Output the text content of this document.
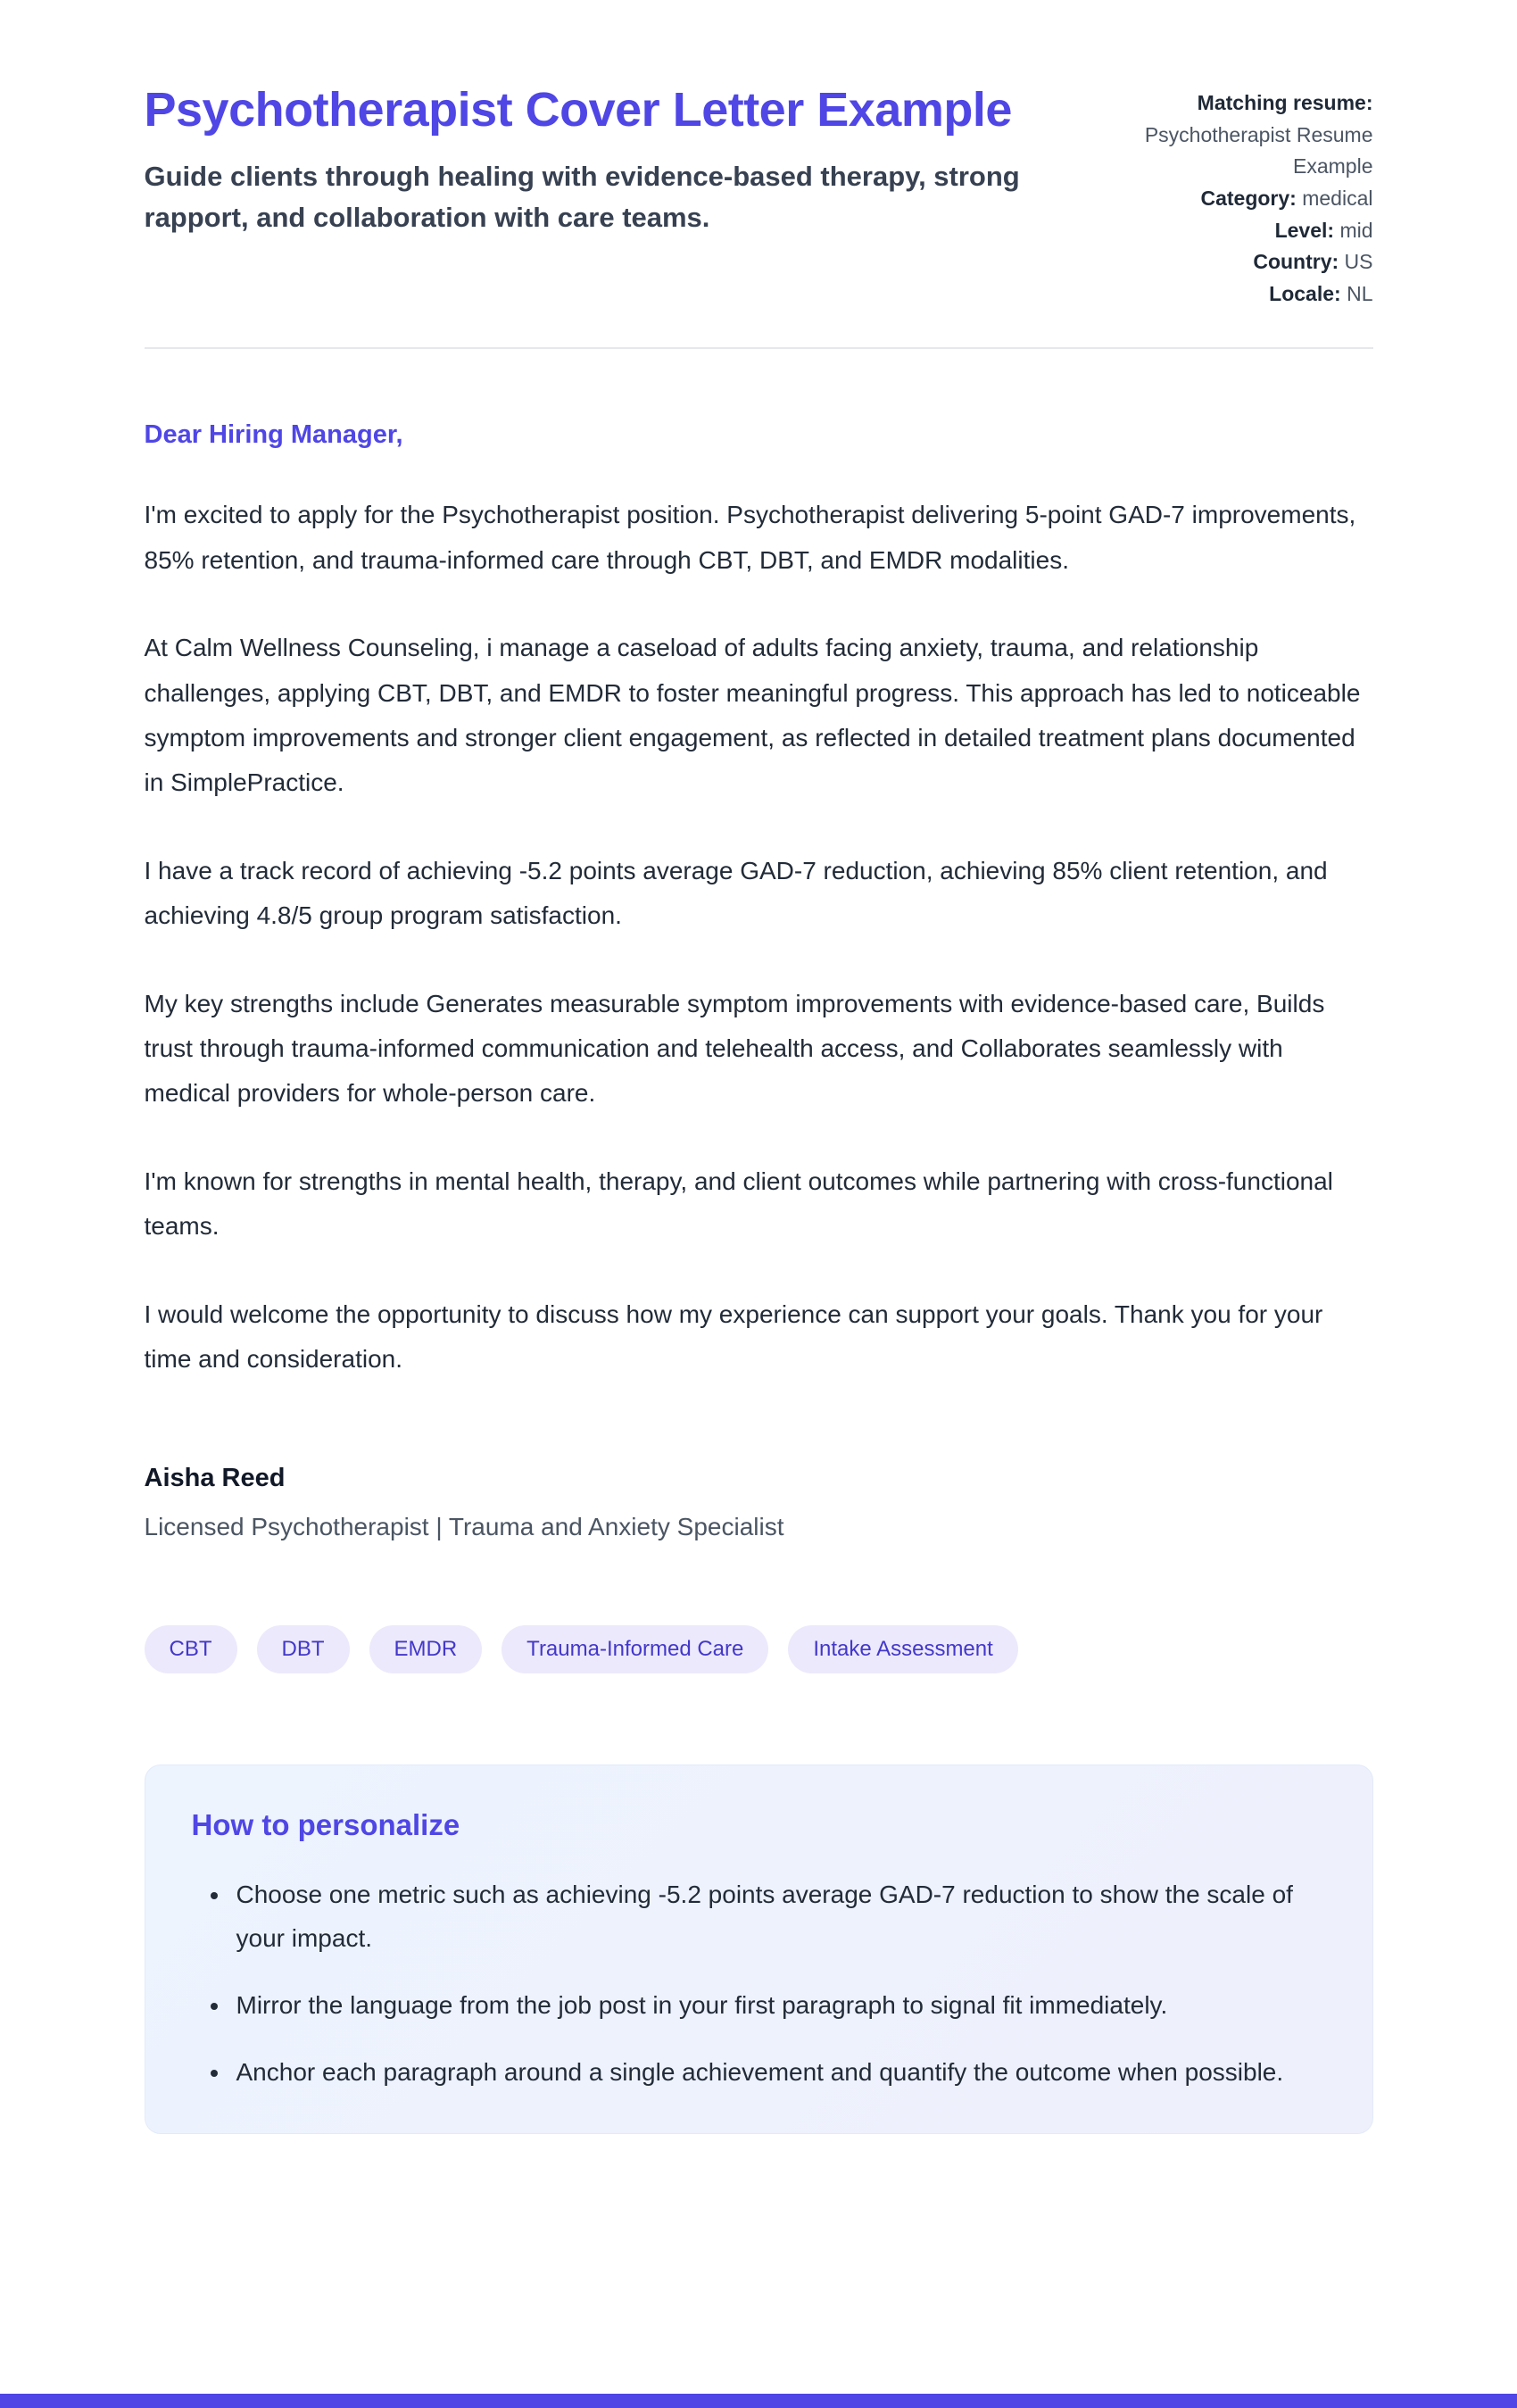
Psychotherapist Cover Letter Example

Guide clients through healing with evidence-based therapy, strong rapport, and collaboration with care teams.

Matching resume: Psychotherapist Resume Example

Category: medical

Level: mid

Country: US

Locale: NL

Dear Hiring Manager,

I'm excited to apply for the Psychotherapist position. Psychotherapist delivering 5-point GAD-7 improvements, 85% retention, and trauma-informed care through CBT, DBT, and EMDR modalities.

At Calm Wellness Counseling, i manage a caseload of adults facing anxiety, trauma, and relationship challenges, applying CBT, DBT, and EMDR to foster meaningful progress. This approach has led to noticeable symptom improvements and stronger client engagement, as reflected in detailed treatment plans documented in SimplePractice.

I have a track record of achieving -5.2 points average GAD-7 reduction, achieving 85% client retention, and achieving 4.8/5 group program satisfaction.

My key strengths include Generates measurable symptom improvements with evidence-based care, Builds trust through trauma-informed communication and telehealth access, and Collaborates seamlessly with medical providers for whole-person care.

I'm known for strengths in mental health, therapy, and client outcomes while partnering with cross-functional teams.

I would welcome the opportunity to discuss how my experience can support your goals. Thank you for your time and consideration.

Aisha Reed

Licensed Psychotherapist | Trauma and Anxiety Specialist

CBT	DBT	EMDR	Trauma-Informed Care	Intake Assessment
How to personalize
• Choose one metric such as achieving -5.2 points average GAD-7 reduction to show the scale of your impact.
• Mirror the language from the job post in your first paragraph to signal fit immediately.
• Anchor each paragraph around a single achievement and quantify the outcome when possible.
